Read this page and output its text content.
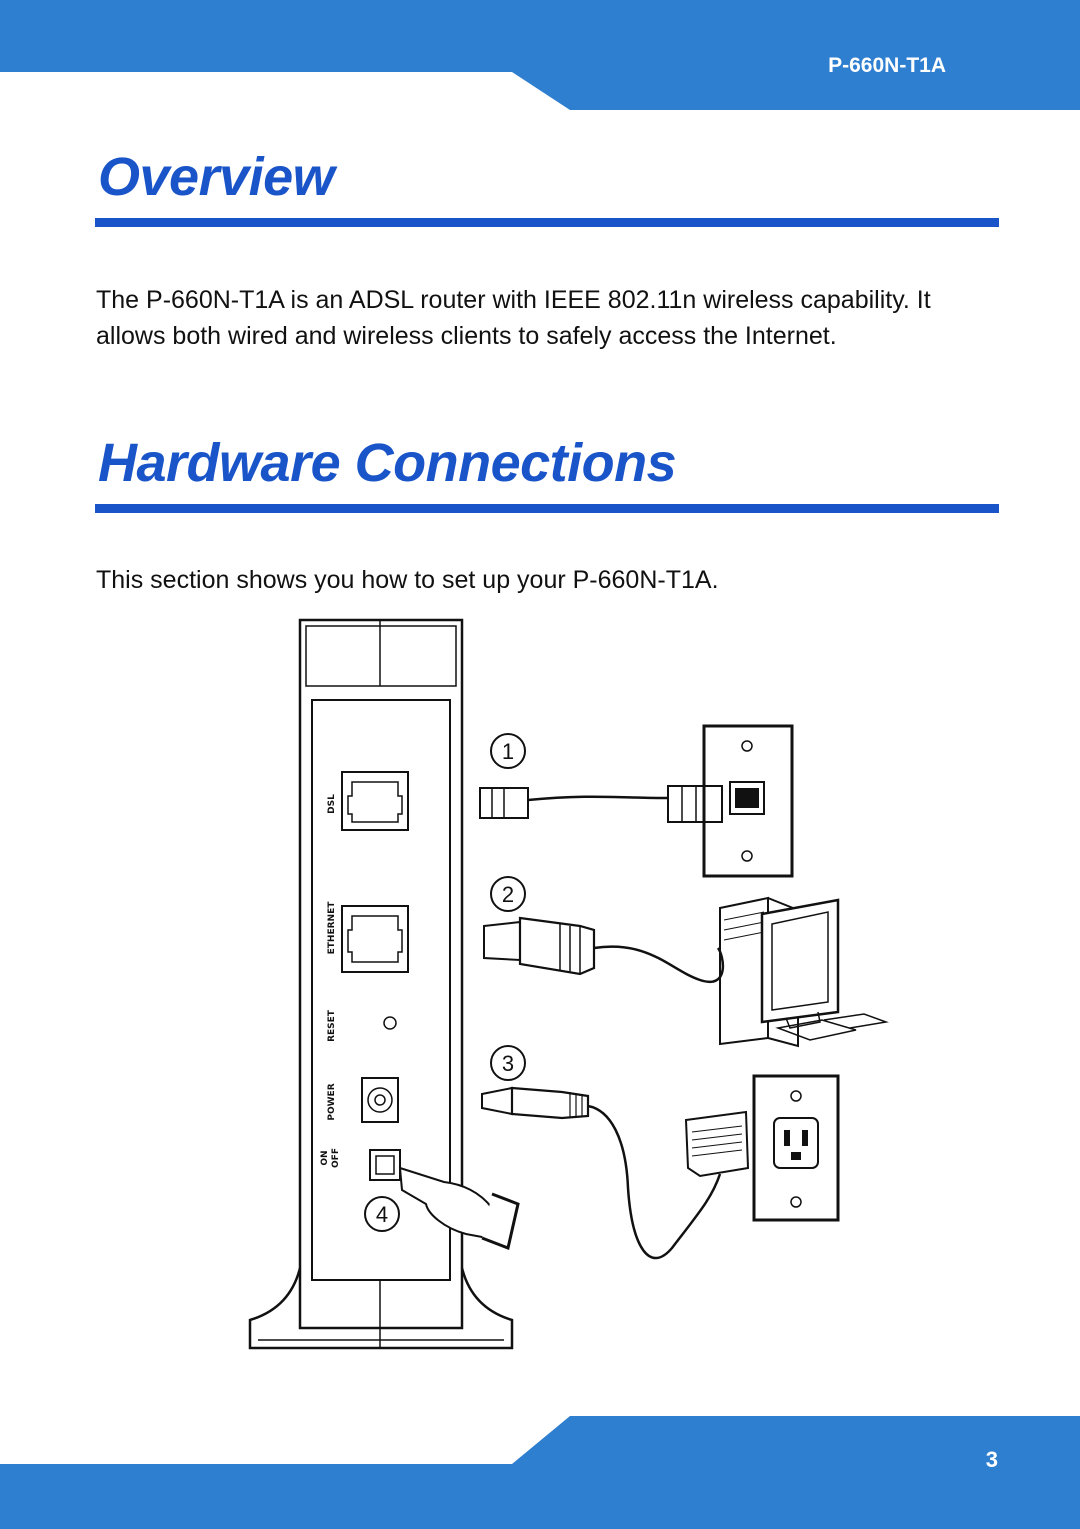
P-660N-T1A
Overview

The P-660N-T1A is an ADSL router with IEEE 802.11n wireless capability. It allows both wired and wireless clients to safely access the Internet.

Hardware Connections

This section shows you how to set up your P-660N-T1A.

DSL
ETHERNET
RESET
POWER
ON OFF
1
2
3
4
3
